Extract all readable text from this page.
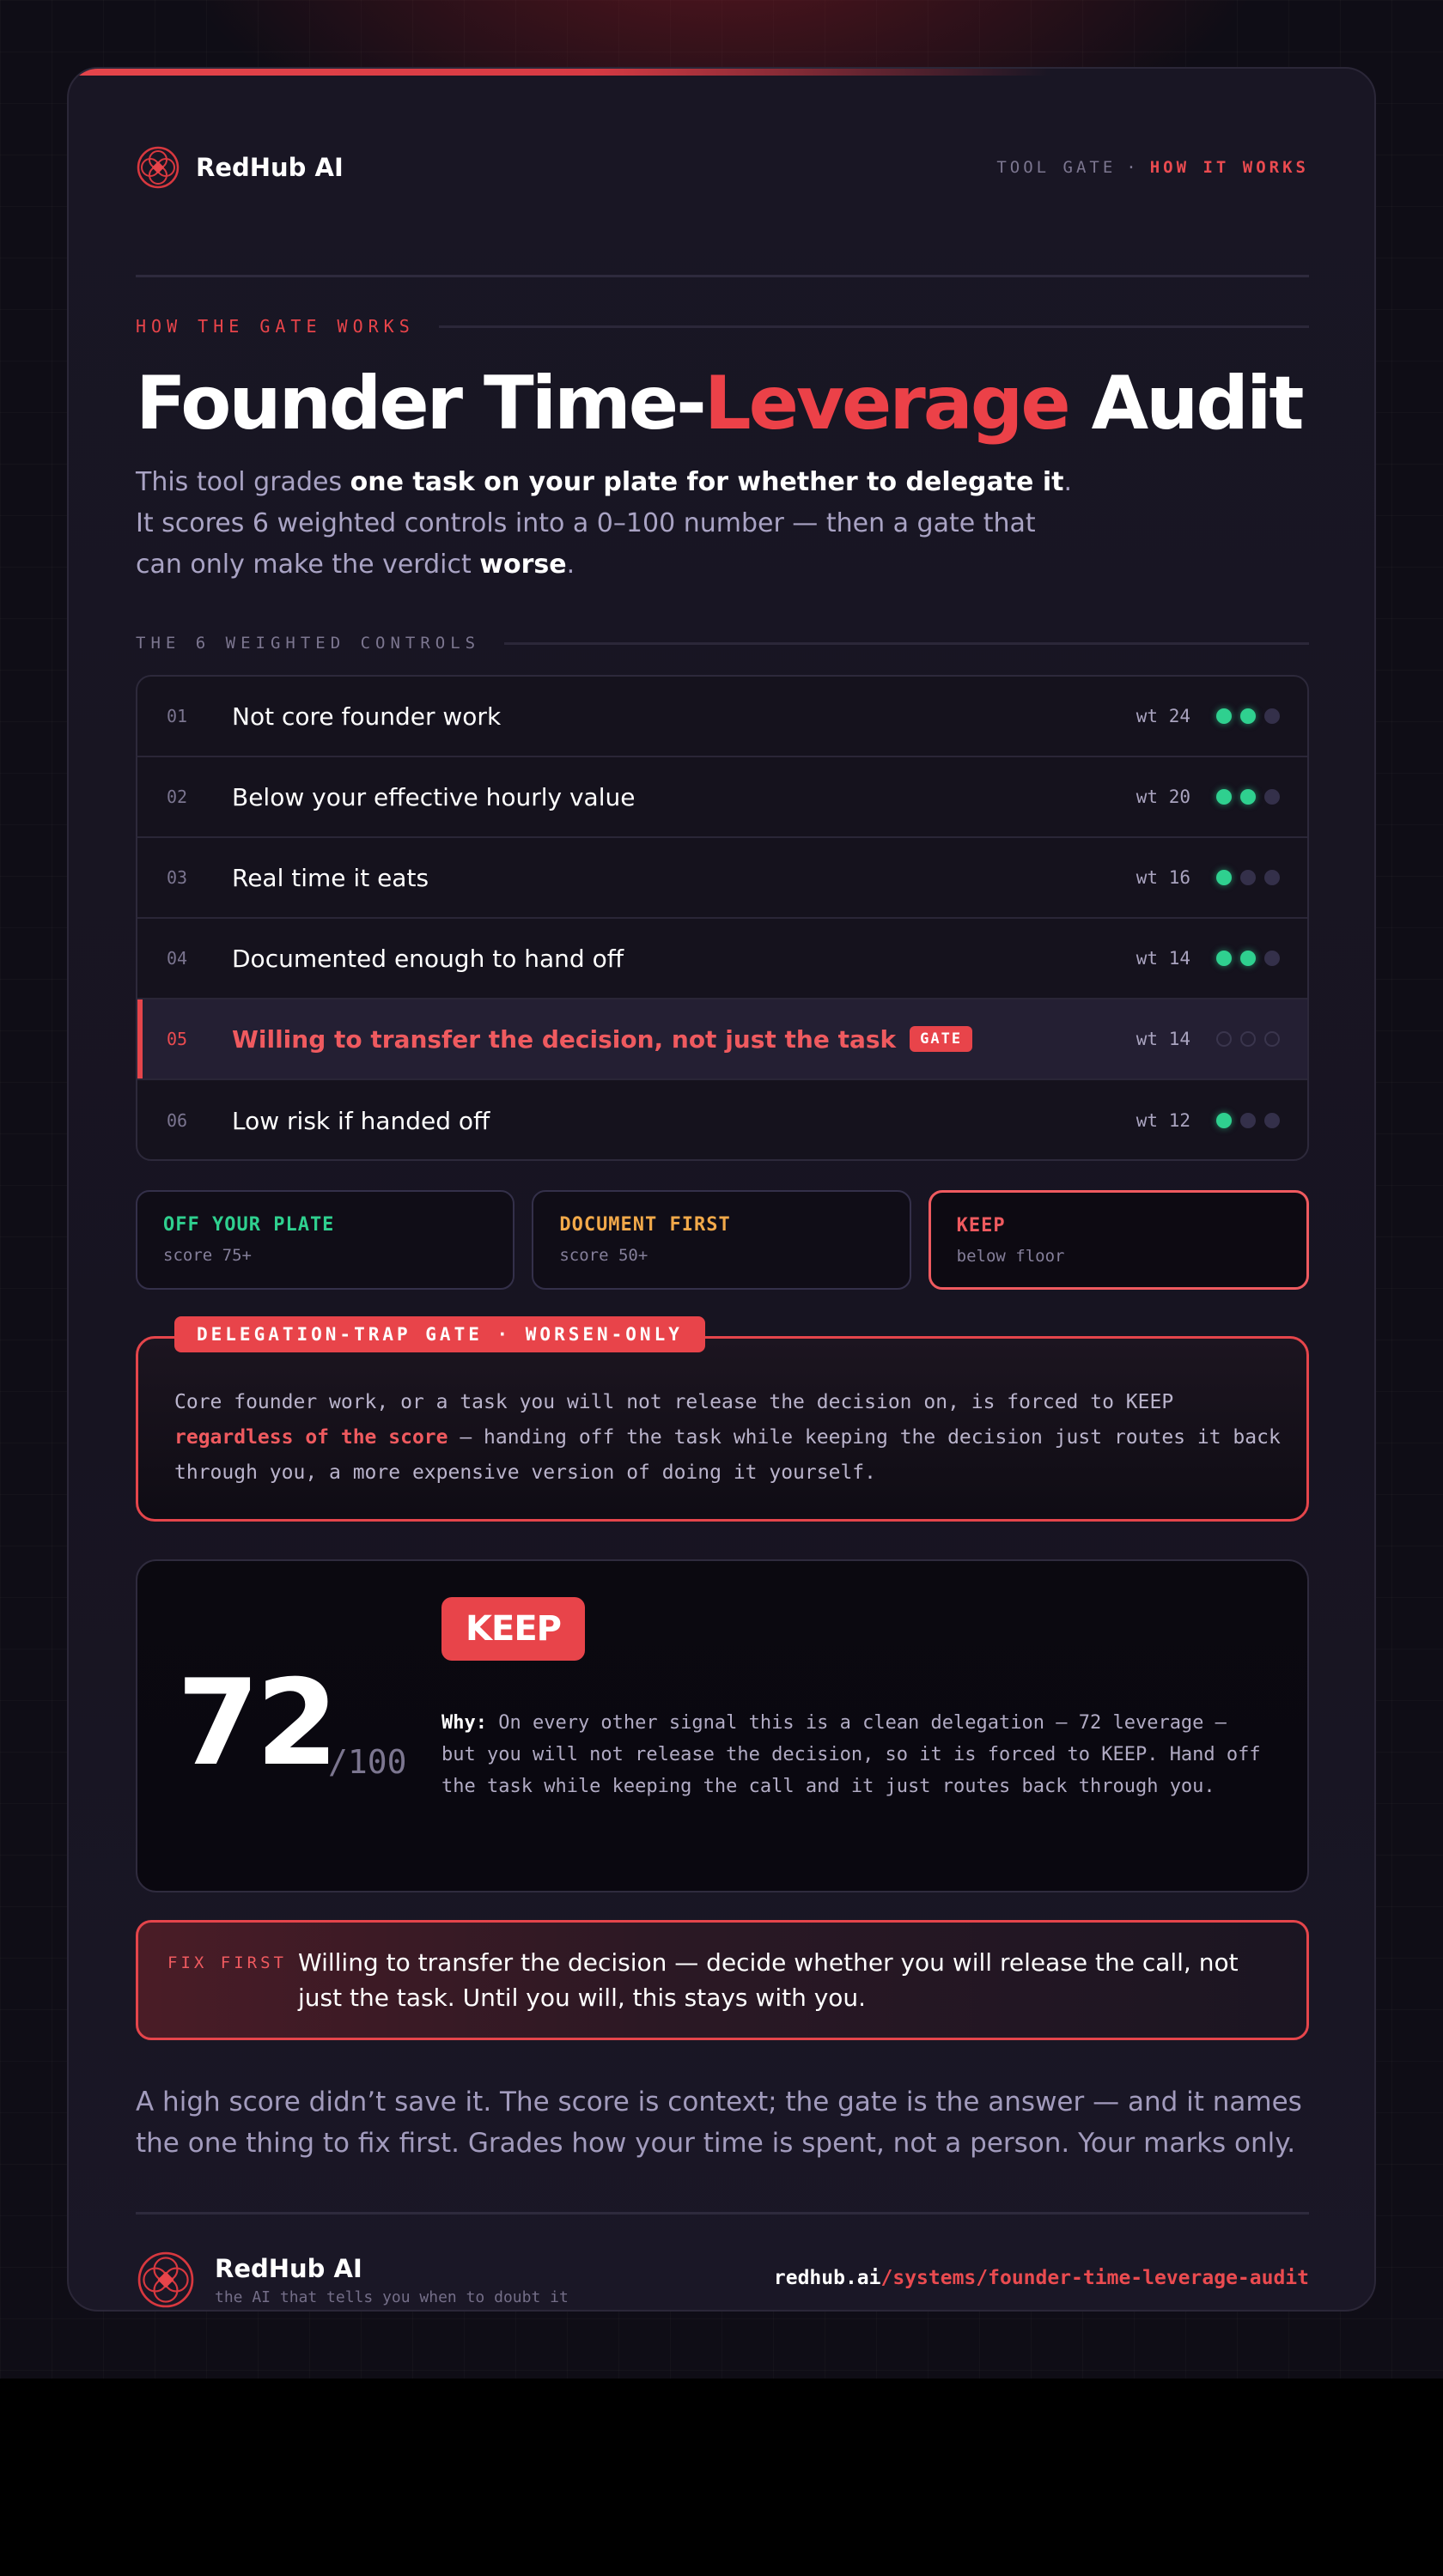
RedHub AI	TOOL GATE · HOW IT WORKS
HOW THE GATE WORKS
Founder Time-Leverage Audit

This tool grades one task on your plate for whether to delegate it.
It scores 6 weighted controls into a 0–100 number — then a gate that can only make the verdict worse.

THE 6 WEIGHTED CONTROLS
01	Not core founder work	wt 24
02	Below your effective hourly value	wt 20
03	Real time it eats	wt 16
04	Documented enough to hand off	wt 14
05	Willing to transfer the decision, not just the task	GATE	wt 14
06	Low risk if handed off	wt 12
OFF YOUR PLATE
score 75+
DOCUMENT FIRST
score 50+
KEEP
below floor
DELEGATION-TRAP GATE · WORSEN-ONLY

Core founder work, or a task you will not release the decision on, is forced to KEEP regardless of the score — handing off the task while keeping the decision just routes it back through you, a more expensive version of doing it yourself.

72
/100
KEEP

Why: On every other signal this is a clean delegation — 72 leverage — but you will not release the decision, so it is forced to KEEP. Hand off the task while keeping the call and it just routes back through you.

FIX FIRST Willing to transfer the decision — decide whether you will release the call, not just the task. Until you will, this stays with you.

A high score didn’t save it. The score is context; the gate is the answer — and it names the one thing to fix first. Grades how your time is spent, not a person. Your marks only.

RedHub AI
the AI that tells you when to doubt it
redhub.ai/systems/founder-time-leverage-audit
